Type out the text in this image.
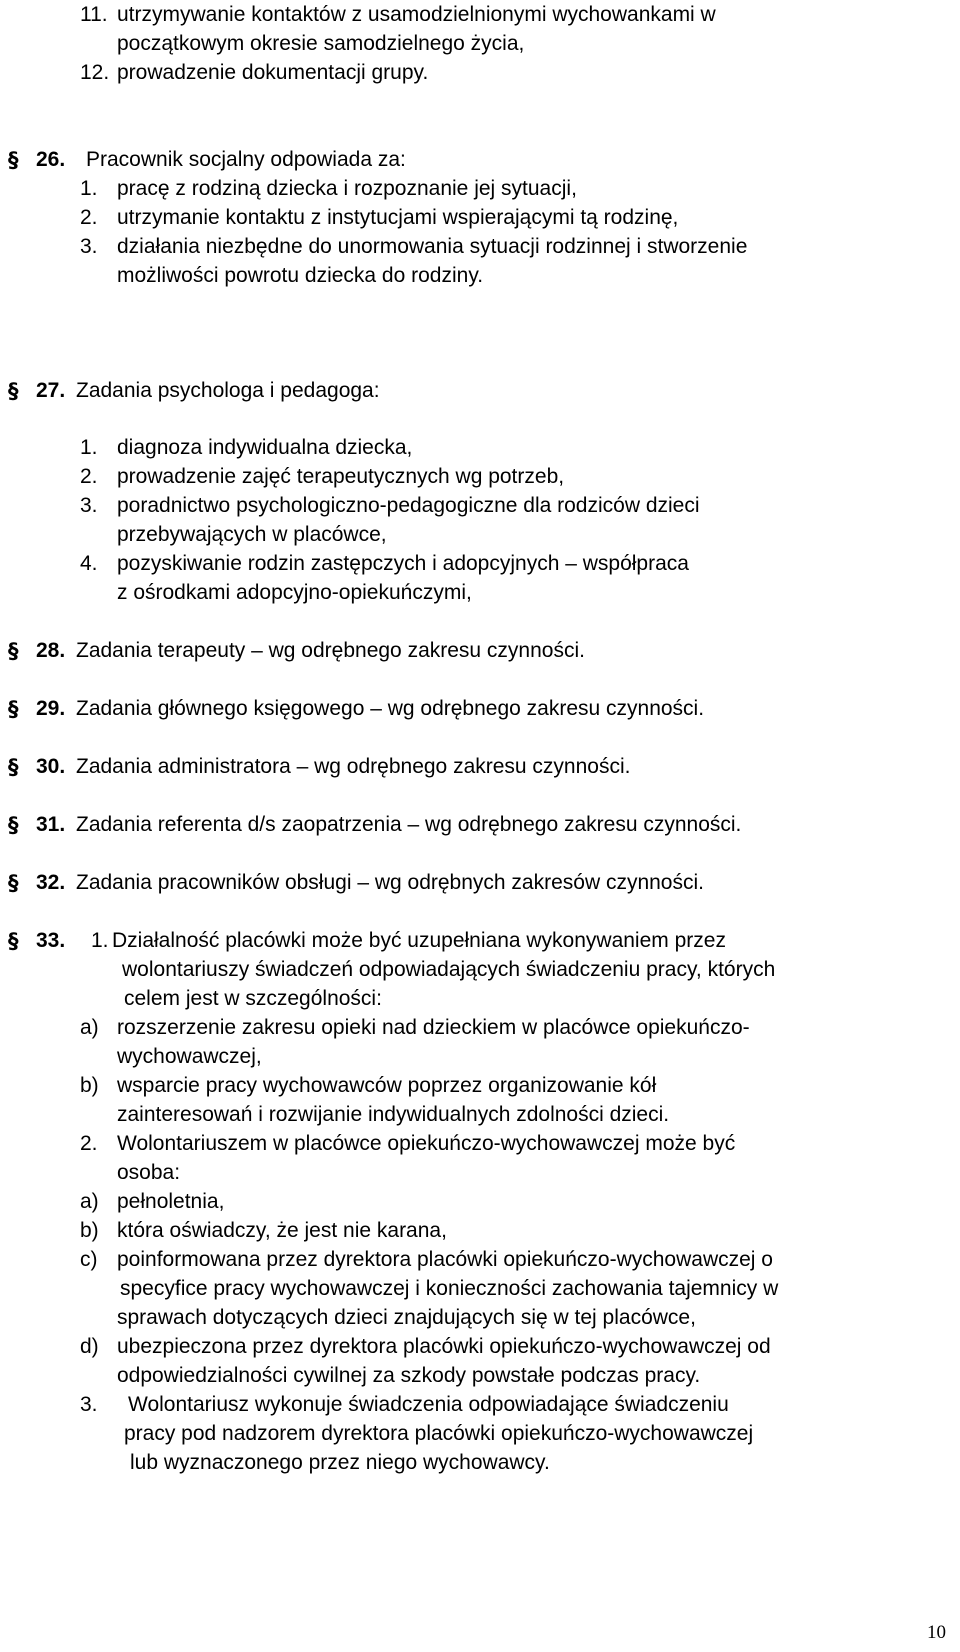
11. utrzymywanie kontaktów z usamodzielnionymi wychowankami w
początkowym okresie samodzielnego życia,
12. prowadzenie dokumentacji grupy.
§ 26. Pracownik socjalny odpowiada za:
1. pracę z rodziną dziecka i rozpoznanie jej sytuacji,
2. utrzymanie kontaktu z instytucjami wspierającymi tą rodzinę,
3. działania niezbędne do unormowania sytuacji rodzinnej i stworzenie
możliwości powrotu dziecka do rodziny.
§ 27. Zadania psychologa i pedagoga:
1. diagnoza indywidualna dziecka,
2. prowadzenie zajęć terapeutycznych wg potrzeb,
3. poradnictwo psychologiczno-pedagogiczne dla rodziców dzieci
przebywających w placówce,
4. pozyskiwanie rodzin zastępczych i adopcyjnych – współpraca
z ośrodkami adopcyjno-opiekuńczymi,
§ 28. Zadania terapeuty – wg odrębnego zakresu czynności.
§ 29. Zadania głównego księgowego – wg odrębnego zakresu czynności.
§ 30. Zadania administratora – wg odrębnego zakresu czynności.
§ 31. Zadania referenta d/s zaopatrzenia – wg odrębnego zakresu czynności.
§ 32. Zadania pracowników obsługi – wg odrębnych zakresów czynności.
§ 33. 1. Działalność placówki może być uzupełniana wykonywaniem przez
wolontariuszy świadczeń odpowiadających świadczeniu pracy, których
celem jest w szczególności:
a) rozszerzenie zakresu opieki nad dzieckiem w placówce opiekuńczo-
wychowawczej,
b) wsparcie pracy wychowawców poprzez organizowanie kół
zainteresowań i rozwijanie indywidualnych zdolności dzieci.
2. Wolontariuszem w placówce opiekuńczo-wychowawczej może być
osoba:
a) pełnoletnia,
b) która oświadczy, że jest nie karana,
c) poinformowana przez dyrektora placówki opiekuńczo-wychowawczej o
specyfice pracy wychowawczej i konieczności zachowania tajemnicy w
sprawach dotyczących dzieci znajdujących się w tej placówce,
d) ubezpieczona przez dyrektora placówki opiekuńczo-wychowawczej od
odpowiedzialności cywilnej za szkody powstałe podczas pracy.
3. Wolontariusz wykonuje świadczenia odpowiadające świadczeniu
pracy pod nadzorem dyrektora placówki opiekuńczo-wychowawczej
lub wyznaczonego przez niego wychowawcy.
10
